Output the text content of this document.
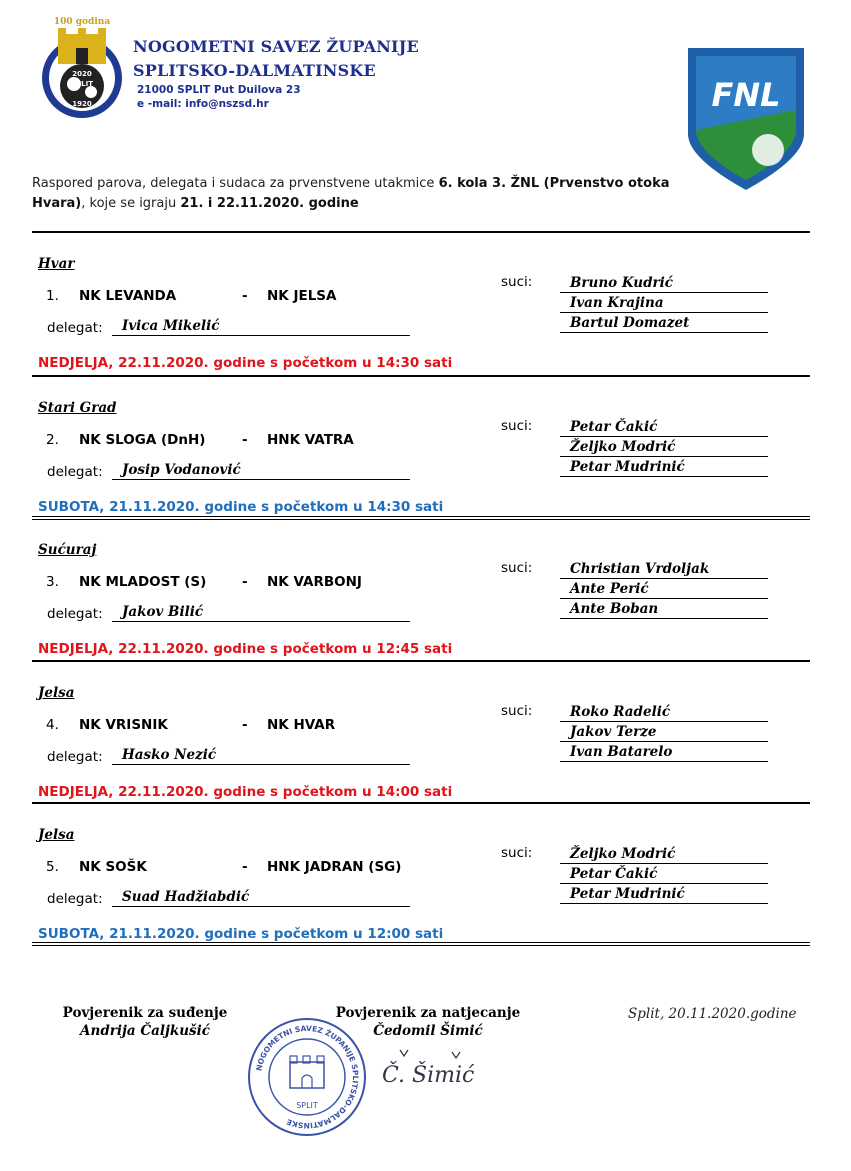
100 godina
2020
SPLIT
1920
NOGOMETNI SAVEZ ŽUPANIJE
SPLITSKO-DALMATINSKE
21000 SPLIT Put Duilova 23
e -mail: info@nszsd.hr	FNL
Raspored parova, delegata i sudaca za prvenstvene utakmice 6. kola 3. ŽNL (Prvenstvo otoka Hvara), koje se igraju 21. i 22.11.2020. godine
Hvar
1. NK LEVANDA	- NK JELSA
suci:	Bruno Kudrić
Ivan Krajina
Bartul Domazet
delegat:	Ivica Mikelić
NEDJELJA, 22.11.2020. godine s početkom u 14:30 sati
Stari Grad
2. NK SLOGA (DnH)	- HNK VATRA
suci:	Petar Čakić
Željko Modrić
Petar Mudrinić
delegat:	Josip Vodanović
SUBOTA, 21.11.2020. godine s početkom u 14:30 sati
Sućuraj
3. NK MLADOST (S)	- NK VARBONJ
suci:	Christian Vrdoljak
Ante Perić
Ante Boban
delegat:	Jakov Bilić
NEDJELJA, 22.11.2020. godine s početkom u 12:45 sati
Jelsa
4. NK VRISNIK	- NK HVAR
suci:	Roko Radelić
Jakov Terze
Ivan Batarelo
delegat:	Hasko Nezić
NEDJELJA, 22.11.2020. godine s početkom u 14:00 sati
Jelsa
5. NK SOŠK	- HNK JADRAN (SG)
suci:	Željko Modrić
Petar Čakić
Petar Mudrinić
delegat:	Suad Hadžiabdić
SUBOTA, 21.11.2020. godine s početkom u 12:00 sati
Povjerenik za suđenje
Andrija Čaljkušić
Povjerenik za natjecanje
Čedomil Šimić
Split, 20.11.2020.godine
NOGOMETNI SAVEZ ŽUPANIJE SPLITSKO-DALMATINSKE
SPLIT
Č. Šimić
